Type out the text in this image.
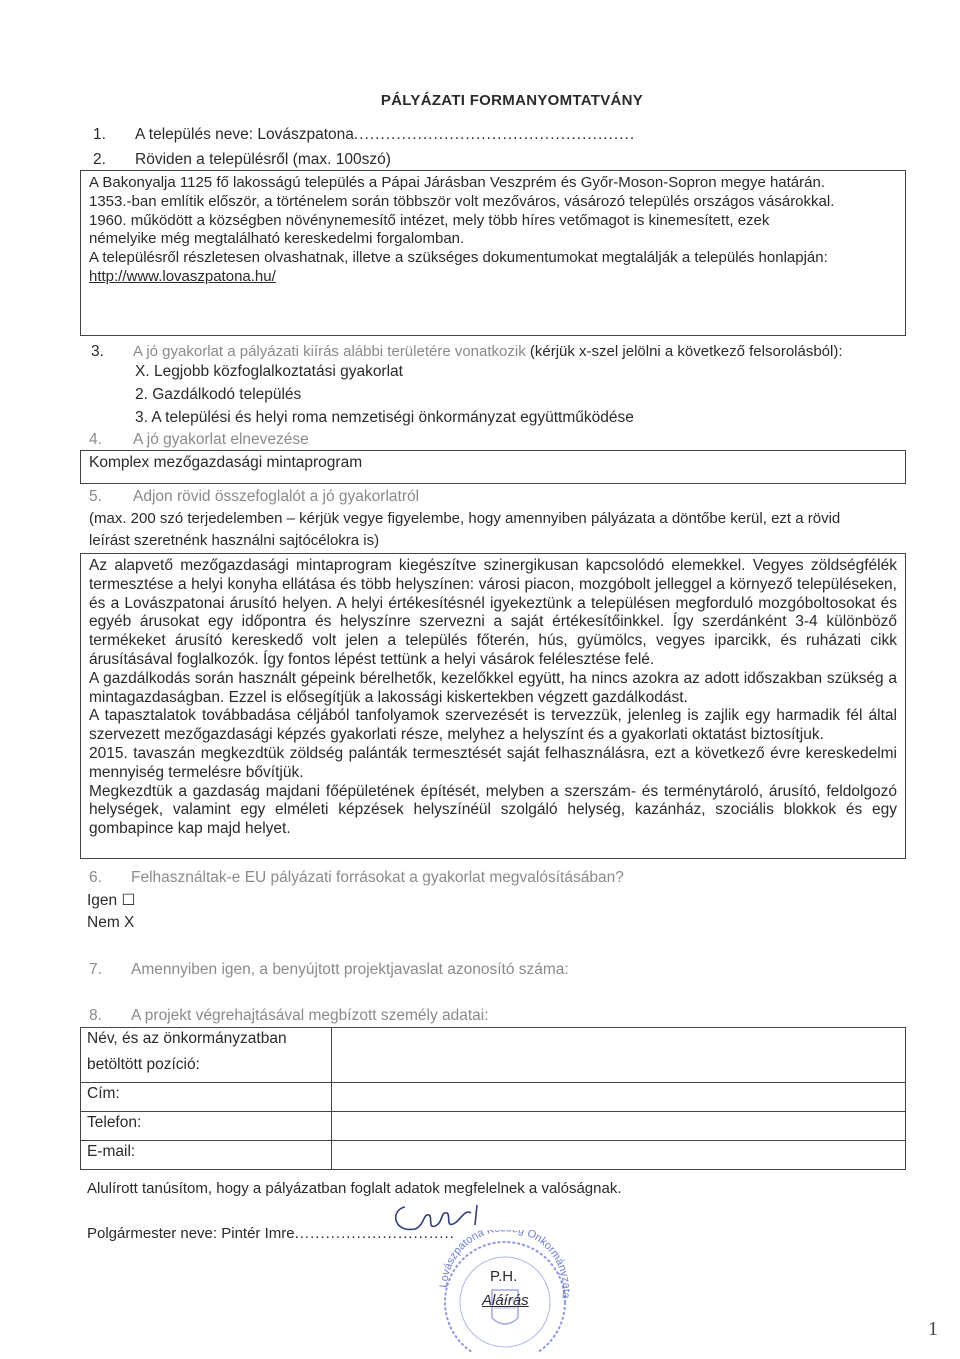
PÁLYÁZATI FORMANYOMTATVÁNY
1. A település neve: Lovászpatona.....................................................
2. Röviden a településről (max. 100szó)

A Bakonyalja 1125 fő lakosságú település a Pápai Járásban Veszprém és Győr-Moson-Sopron megye határán.

1353.-ban említik először, a történelem során többször volt mezőváros, vásározó település országos vásárokkal.

1960. működött a községben növénynemesítő intézet, mely több híres vetőmagot is kinemesített, ezek

némelyike még megtalálható kereskedelmi forgalomban.

A településről részletesen olvashatnak, illetve a szükséges dokumentumokat megtalálják a település honlapján:

http://www.lovaszpatona.hu/

3. A jó gyakorlat a pályázati kiírás alábbi területére vonatkozik (kérjük x-szel jelölni a következő felsorolásból):
X. Legjobb közfoglalkoztatási gyakorlat
2. Gazdálkodó település
3. A települési és helyi roma nemzetiségi önkormányzat együttműködése
4. A jó gyakorlat elnevezése
Komplex mezőgazdasági mintaprogram
5. Adjon rövid összefoglalót a jó gyakorlatról
(max. 200 szó terjedelemben – kérjük vegye figyelembe, hogy amennyiben pályázata a döntőbe kerül, ezt a rövid
leírást szeretnénk használni sajtócélokra is)

Az alapvető mezőgazdasági mintaprogram kiegészítve szinergikusan kapcsolódó elemekkel. Vegyes zöldségfélék termesztése a helyi konyha ellátása és több helyszínen: városi piacon, mozgóbolt jelleggel a környező településeken, és a Lovászpatonai árusító helyen. A helyi értékesítésnél igyekeztünk a településen megforduló mozgóboltosokat és egyéb árusokat egy időpontra és helyszínre szervezni a saját értékesítőinkkel. Így szerdánként 3-4 különböző termékeket árusító kereskedő volt jelen a település főterén, hús, gyümölcs, vegyes iparcikk, és ruházati cikk árusításával foglalkozók. Így fontos lépést tettünk a helyi vásárok felélesztése felé.

A gazdálkodás során használt gépeink bérelhetők, kezelőkkel együtt, ha nincs azokra az adott időszakban szükség a mintagazdaságban. Ezzel is elősegítjük a lakossági kiskertekben végzett gazdálkodást.

A tapasztalatok továbbadása céljából tanfolyamok szervezését is tervezzük, jelenleg is zajlik egy harmadik fél által szervezett mezőgazdasági képzés gyakorlati része, melyhez a helyszínt és a gyakorlati oktatást biztosítjuk.

2015. tavaszán megkezdtük zöldség palánták termesztését saját felhasználásra, ezt a következő évre kereskedelmi mennyiség termelésre bővítjük.

Megkezdtük a gazdaság majdani főépületének építését, melyben a szerszám- és terménytároló, árusító, feldolgozó helységek, valamint egy elméleti képzések helyszínéül szolgáló helység, kazánház, szociális blokkok és egy gombapince kap majd helyet.

6. Felhasználtak-e EU pályázati forrásokat a gyakorlat megvalósításában?
Igen ☐
Nem X
7. Amennyiben igen, a benyújtott projektjavaslat azonosító száma:
8. A projekt végrehajtásával megbízott személy adatai:
Név, és az önkormányzatban
betöltött pozíció:	

Cím:	
Telefon:	
E-mail:	
Alulírott tanúsítom, hogy a pályázatban foglalt adatok megfelelnek a valóságnak.
Polgármester neve: Pintér Imre...............................
Lovászpatona K g Önkormányzata
P.H.
Aláírás
1
